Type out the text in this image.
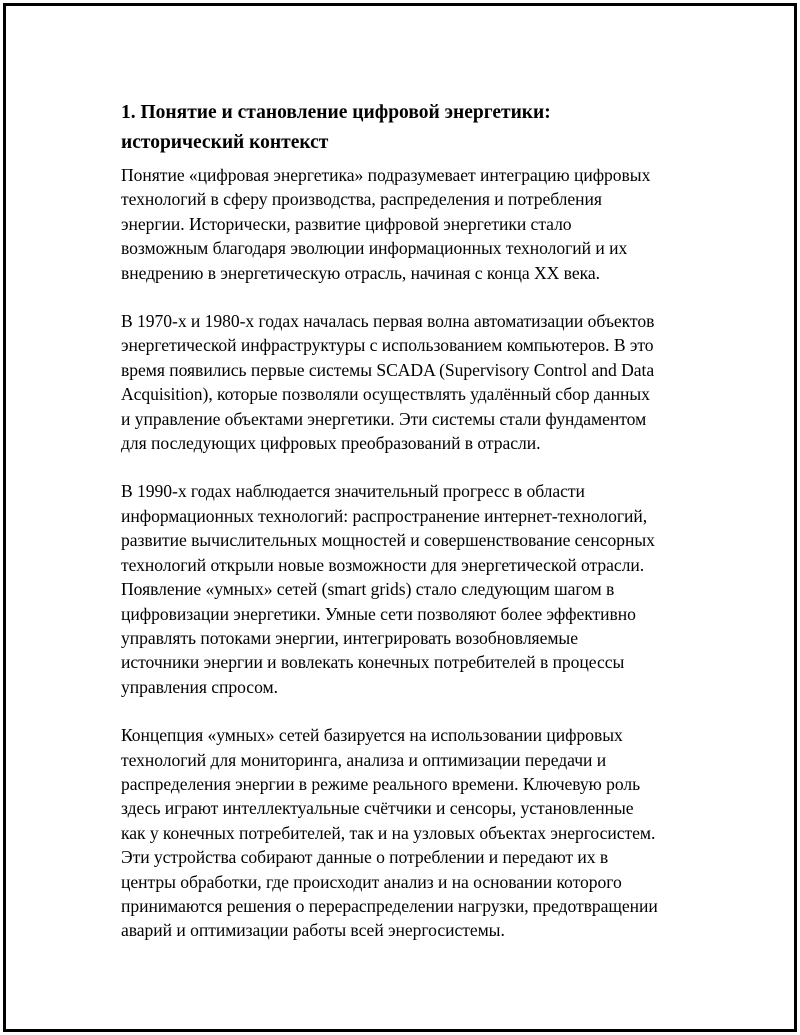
1. Понятие и становление цифровой энергетики:
исторический контекст

Понятие «цифровая энергетика» подразумевает интеграцию цифровых
технологий в сферу производства, распределения и потребления
энергии. Исторически, развитие цифровой энергетики стало
возможным благодаря эволюции информационных технологий и их
внедрению в энергетическую отрасль, начиная с конца XX века.

В 1970-х и 1980-х годах началась первая волна автоматизации объектов
энергетической инфраструктуры с использованием компьютеров. В это
время появились первые системы SCADA (Supervisory Control and Data
Acquisition), которые позволяли осуществлять удалённый сбор данных
и управление объектами энергетики. Эти системы стали фундаментом
для последующих цифровых преобразований в отрасли.

В 1990-х годах наблюдается значительный прогресс в области
информационных технологий: распространение интернет-технологий,
развитие вычислительных мощностей и совершенствование сенсорных
технологий открыли новые возможности для энергетической отрасли.
Появление «умных» сетей (smart grids) стало следующим шагом в
цифровизации энергетики. Умные сети позволяют более эффективно
управлять потоками энергии, интегрировать возобновляемые
источники энергии и вовлекать конечных потребителей в процессы
управления спросом.

Концепция «умных» сетей базируется на использовании цифровых
технологий для мониторинга, анализа и оптимизации передачи и
распределения энергии в режиме реального времени. Ключевую роль
здесь играют интеллектуальные счётчики и сенсоры, установленные
как у конечных потребителей, так и на узловых объектах энергосистем.
Эти устройства собирают данные о потреблении и передают их в
центры обработки, где происходит анализ и на основании которого
принимаются решения о перераспределении нагрузки, предотвращении
аварий и оптимизации работы всей энергосистемы.
